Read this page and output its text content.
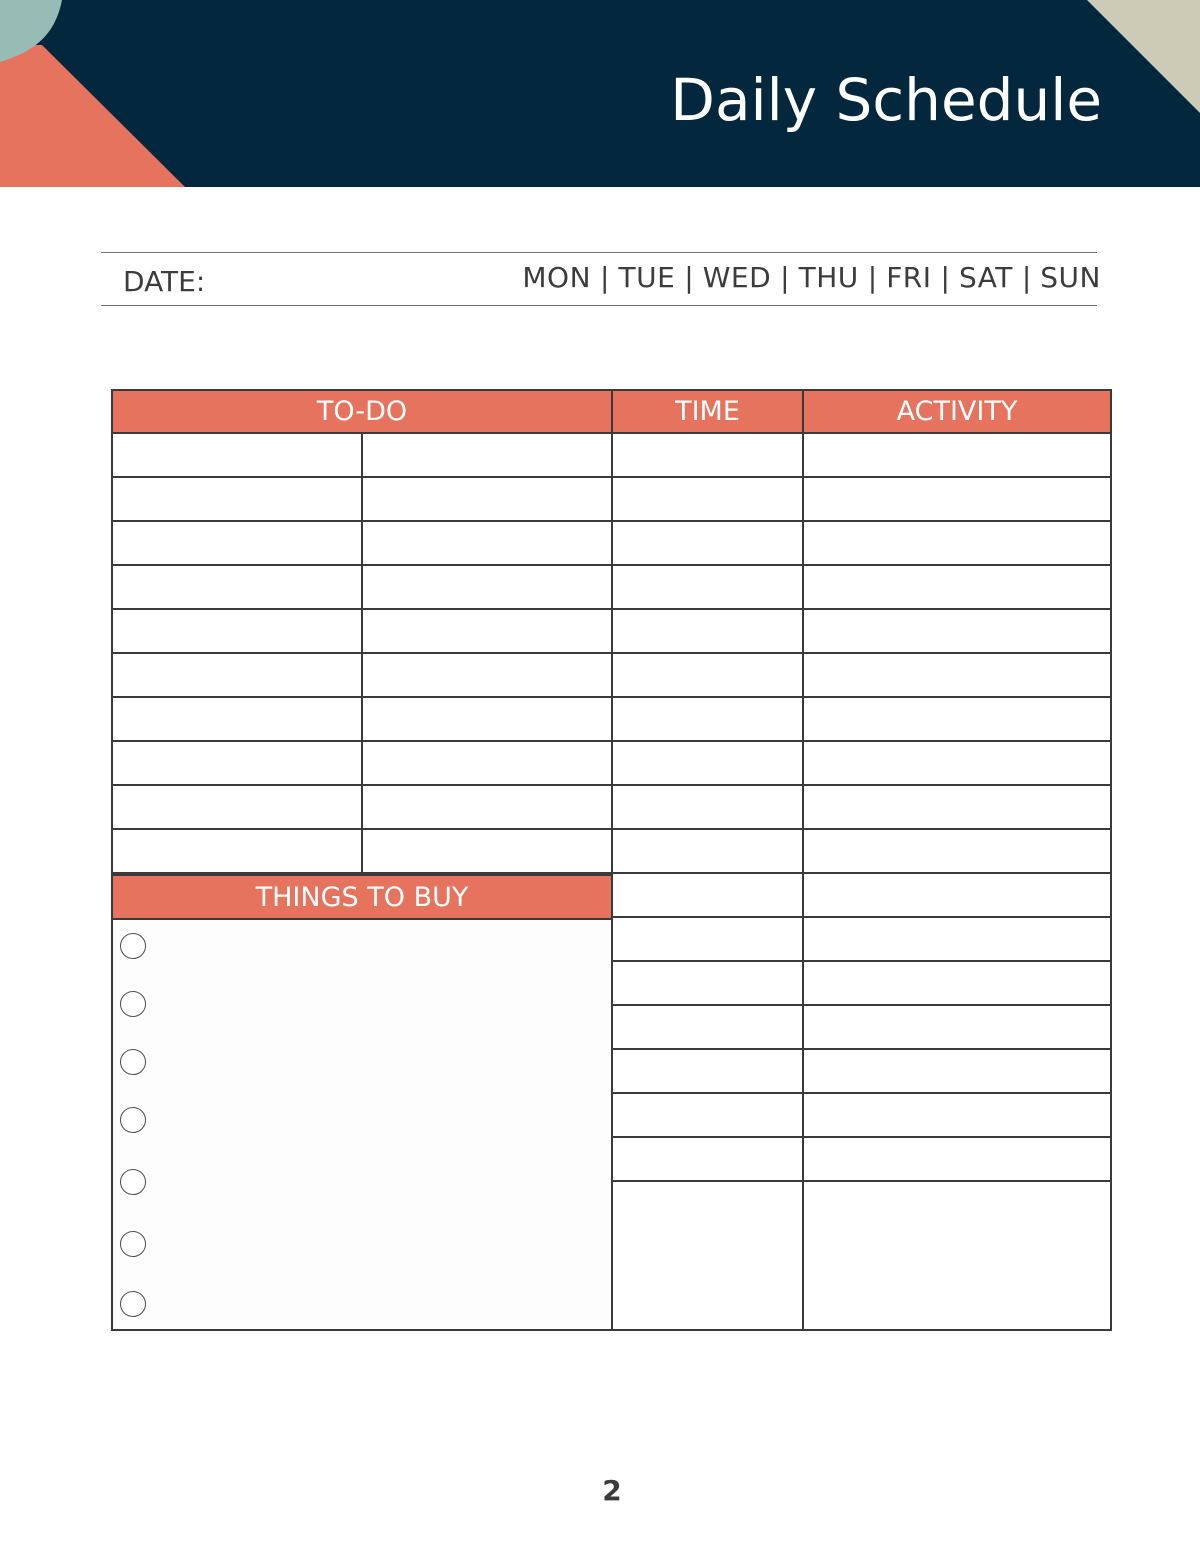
Daily Schedule
DATE:	MON | TUE | WED | THU | FRI | SAT | SUN
TO-DO	TIME	ACTIVITY
THINGS TO BUY
2
